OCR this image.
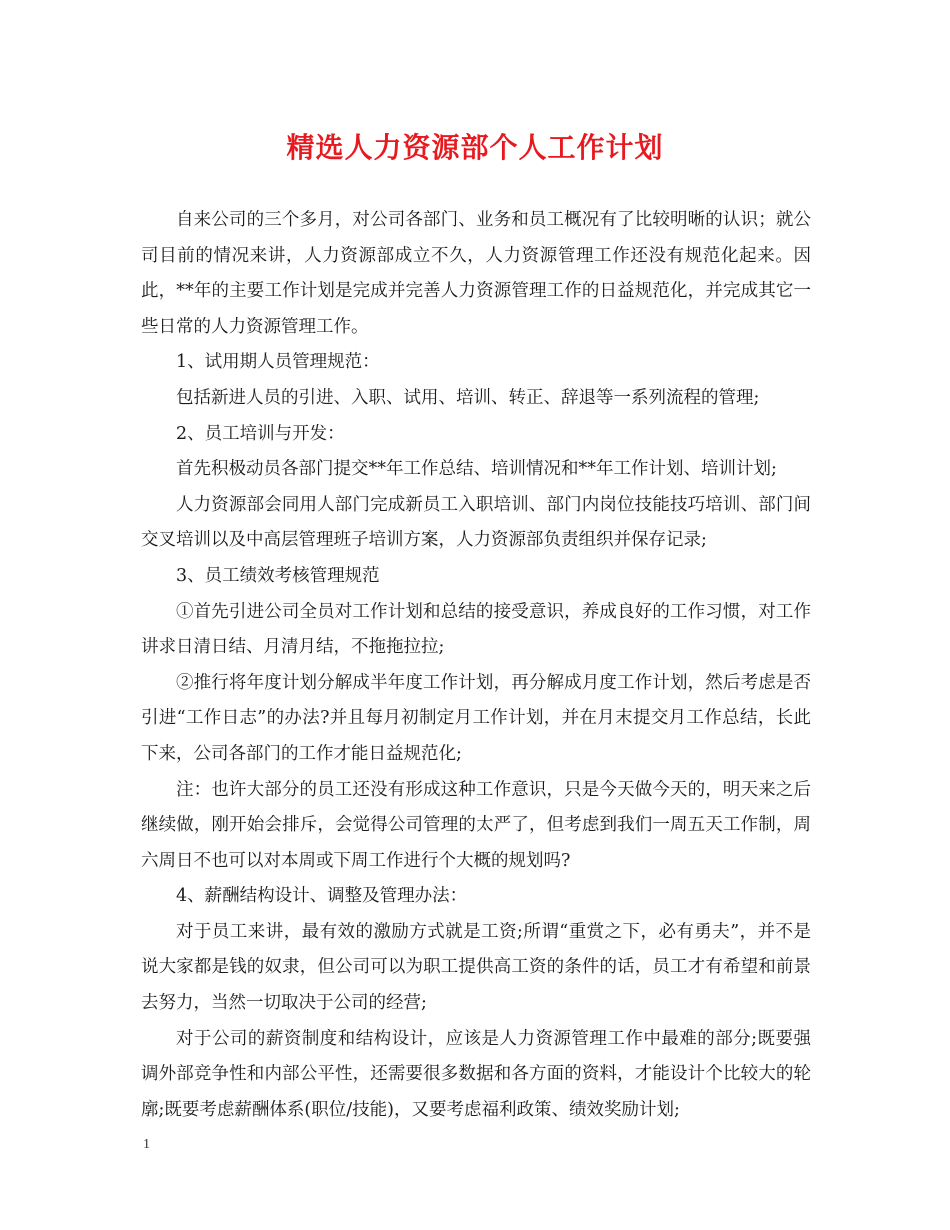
精选人力资源部个人工作计划

自来公司的三个多月，对公司各部门、业务和员工概况有了比较明晰的认识；就公司目前的情况来讲，人力资源部成立不久，人力资源管理工作还没有规范化起来。因此，**年的主要工作计划是完成并完善人力资源管理工作的日益规范化，并完成其它一些日常的人力资源管理工作。

1、试用期人员管理规范：

包括新进人员的引进、入职、试用、培训、转正、辞退等一系列流程的管理;

2、员工培训与开发：

首先积极动员各部门提交**年工作总结、培训情况和**年工作计划、培训计划;

人力资源部会同用人部门完成新员工入职培训、部门内岗位技能技巧培训、部门间交叉培训以及中高层管理班子培训方案，人力资源部负责组织并保存记录;

3、员工绩效考核管理规范

①首先引进公司全员对工作计划和总结的接受意识，养成良好的工作习惯，对工作讲求日清日结、月清月结，不拖拖拉拉;

②推行将年度计划分解成半年度工作计划，再分解成月度工作计划，然后考虑是否引进“工作日志”的办法?并且每月初制定月工作计划，并在月末提交月工作总结，长此下来，公司各部门的工作才能日益规范化;

注：也许大部分的员工还没有形成这种工作意识，只是今天做今天的，明天来之后继续做，刚开始会排斥，会觉得公司管理的太严了，但考虑到我们一周五天工作制，周六周日不也可以对本周或下周工作进行个大概的规划吗?

4、薪酬结构设计、调整及管理办法：

对于员工来讲，最有效的激励方式就是工资;所谓“重赏之下，必有勇夫”，并不是说大家都是钱的奴隶，但公司可以为职工提供高工资的条件的话，员工才有希望和前景去努力，当然一切取决于公司的经营;

对于公司的薪资制度和结构设计，应该是人力资源管理工作中最难的部分;既要强调外部竞争性和内部公平性，还需要很多数据和各方面的资料，才能设计个比较大的轮廓;既要考虑薪酬体系(职位/技能)，又要考虑福利政策、绩效奖励计划;

1
